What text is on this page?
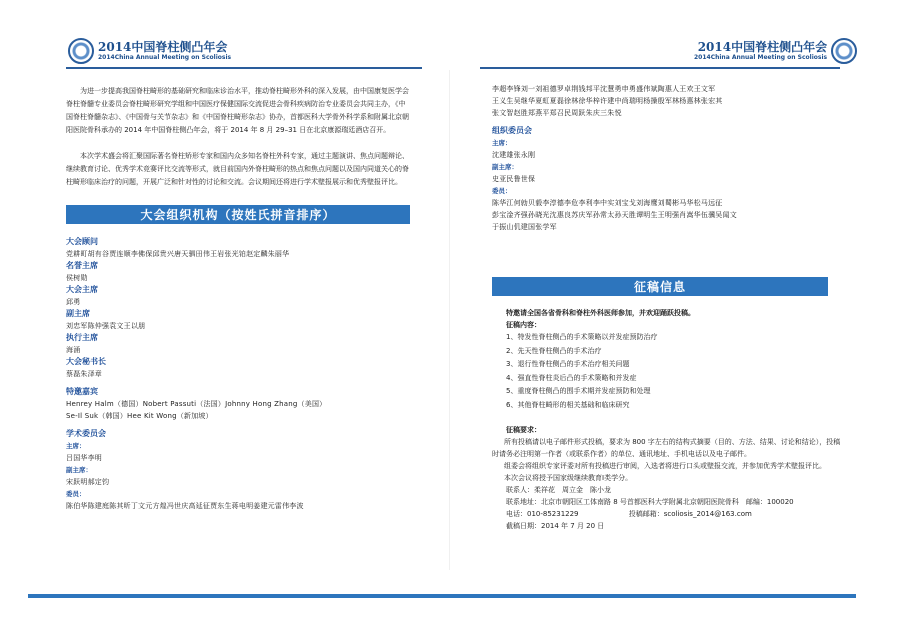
2014中国脊柱侧凸年会
2014China Annual Meeting on Scoliosis

为进一步提高我国脊柱畸形的基础研究和临床诊治水平，推动脊柱畸形外科的深入发展，由中国康复医学会脊柱脊髓专业委员会脊柱畸形研究学组和中国医疗保健国际交流促进会骨科疾病防治专业委员会共同主办，《中国脊柱脊髓杂志》、《中国骨与关节杂志》和《中国脊柱畸形杂志》协办，首都医科大学骨外科学系和附属北京朝阳医院骨科承办的 2014 年中国脊柱侧凸年会，将于 2014 年 8 月 29–31 日在北京康源瑞廷酒店召开。

本次学术盛会将汇聚国际著名脊柱矫形专家和国内众多知名脊柱外科专家，通过主题演讲、焦点问题辩论、继续教育讨论、优秀学术竞赛评比交流等形式，就目前国内外脊柱畸形的热点和焦点问题以及国内同道关心的脊柱畸形临床治疗的问题，开展广泛和针对性的讨论和交流。会议期间还将进行学术壁报展示和优秀壁报评比。

大会组织机构（按姓氏拼音排序）
大会顾问
党耕町胡有谷贾连顺李佛保邱贵兴唐天驷田伟王岩张光铂赵定麟朱丽华
名誉主席
侯树勋
大会主席
邱勇
副主席
刘忠军陈仲强袁文王以朋
执行主席
海涌
大会秘书长
蔡磊朱泽章
特邀嘉宾
Henrey Halm（德国）Nobert Passuti（法国）Johnny Hong Zhang（美国）
Se-Il Suk（韩国）Hee Kit Wong（新加坡）
学术委员会
主席：
吕国华李明
副主席：
宋跃明郝定钧
委员：
陈伯华陈建庭陈其昕丁文元方煌冯世庆高延征贾东生蒋电明姜建元雷伟李波
2014中国脊柱侧凸年会
2014China Annual Meeting on Scoliosis
李超李锋刘一刘祖德罗卓荆钱邦平沈慧勇申勇盛伟斌陶惠人王欢王文军
王义生吴继华夏虹夏磊徐林徐华梓许建中尚瑞明杨操殷军林杨惠林张宏其
张文智赵胜郑燕平郑召民周跃朱庆三朱悦
组织委员会
主席：
沈建雄张永刚
副主席：
史亚民鲁世保
委员：
陈华江何勍贝毅李淳德李危李利李中实刘宝戈刘海鹰刘蜀彬马华松马远征
彭宝淦齐强孙晓光沈惠良苏庆军孙常太孙天胜谭明生王明强肖嵩华伍骥吴闻文
于振山仉建国张学军
征稿信息
特邀请全国各省骨科和脊柱外科医师参加，并欢迎踊跃投稿。
征稿内容：
1、特发性脊柱侧凸的手术策略以并发症预防治疗
2、先天性脊柱侧凸的手术治疗
3、退行性脊柱侧凸的手术治疗相关问题
4、强直性脊柱炎后凸的手术策略和并发症
5、重度脊柱侧凸的围手术期并发症预防和处理
6、其他脊柱畸形的相关基础和临床研究
征稿要求：
所有投稿请以电子邮件形式投稿，要求为 800 字左右的结构式摘要（目的、方法、结果、讨论和结论），投稿时请务必注明第一作者（或联系作者）的单位、通讯地址、手机电话以及电子邮件。
组委会将组织专家评委对所有投稿进行审阅，入选者将进行口头或壁报交流，并参加优秀学术壁报评比。
本次会议将授予国家级继续教育I类学分。
联系人：柔祥花　周立金　陈小龙
联系地址：北京市朝阳区工体南路 8 号首都医科大学附属北京朝阳医院骨科　邮编：100020
电话：010-85231229	投稿邮箱：scoliosis_2014@163.com
截稿日期：2014 年 7 月 20 日
